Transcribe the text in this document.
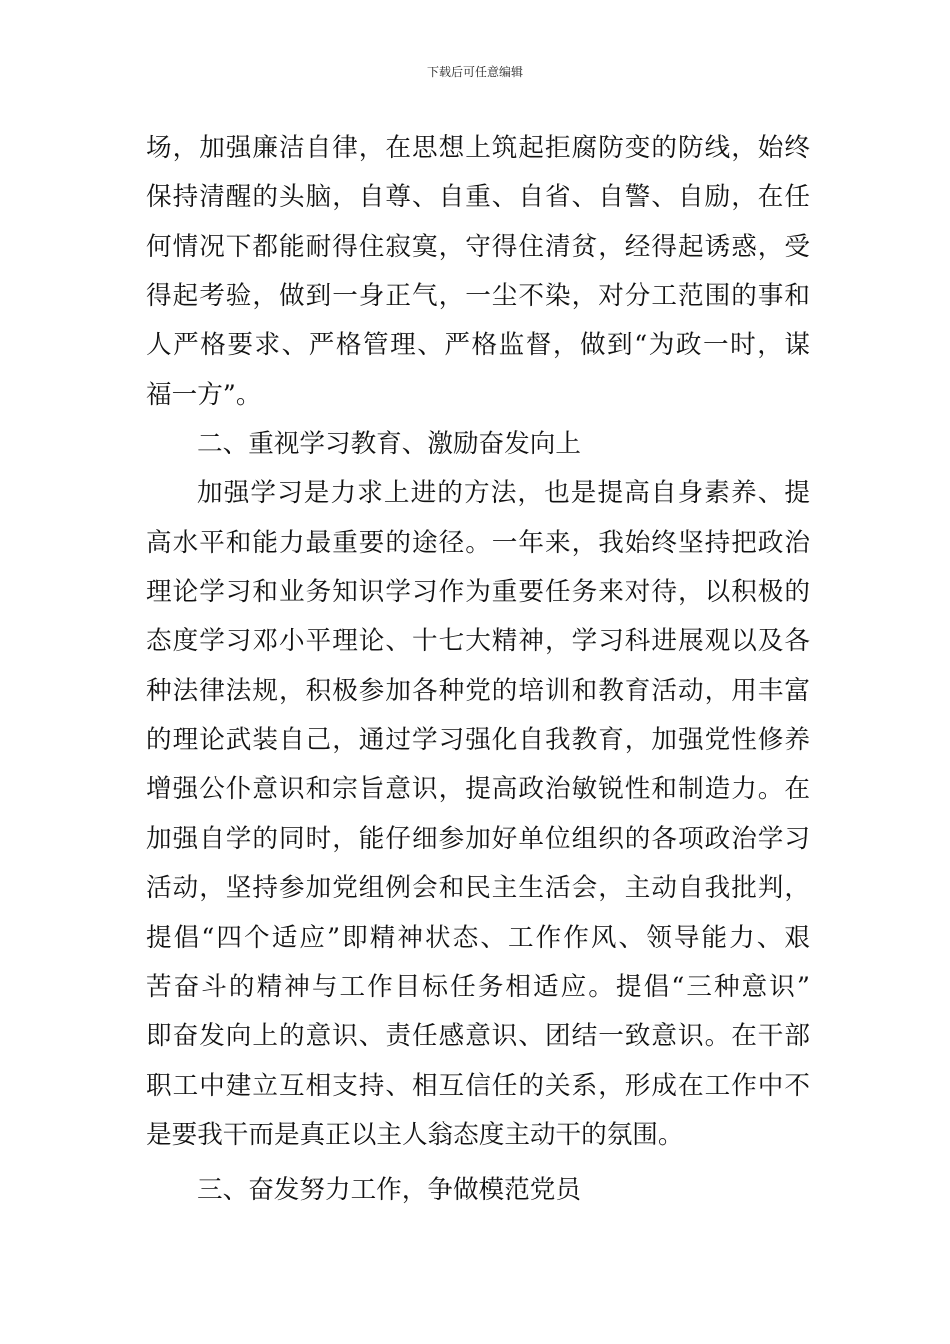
下载后可任意编辑
场，加强廉洁自律，在思想上筑起拒腐防变的防线，始终
保持清醒的头脑，自尊、自重、自省、自警、自励，在任
何情况下都能耐得住寂寞，守得住清贫，经得起诱惑，受
得起考验，做到一身正气，一尘不染，对分工范围的事和
人严格要求、严格管理、严格监督，做到“为政一时，谋
福一方”。
二、重视学习教育、激励奋发向上
加强学习是力求上进的方法，也是提高自身素养、提
高水平和能力最重要的途径。一年来，我始终坚持把政治
理论学习和业务知识学习作为重要任务来对待，以积极的
态度学习邓小平理论、十七大精神，学习科进展观以及各
种法律法规，积极参加各种党的培训和教育活动，用丰富
的理论武装自己，通过学习强化自我教育，加强党性修养
增强公仆意识和宗旨意识，提高政治敏锐性和制造力。在
加强自学的同时，能仔细参加好单位组织的各项政治学习
活动，坚持参加党组例会和民主生活会，主动自我批判，
提倡“四个适应”即精神状态、工作作风、领导能力、艰
苦奋斗的精神与工作目标任务相适应。提倡“三种意识”
即奋发向上的意识、责任感意识、团结一致意识。在干部
职工中建立互相支持、相互信任的关系，形成在工作中不
是要我干而是真正以主人翁态度主动干的氛围。
三、奋发努力工作，争做模范党员
